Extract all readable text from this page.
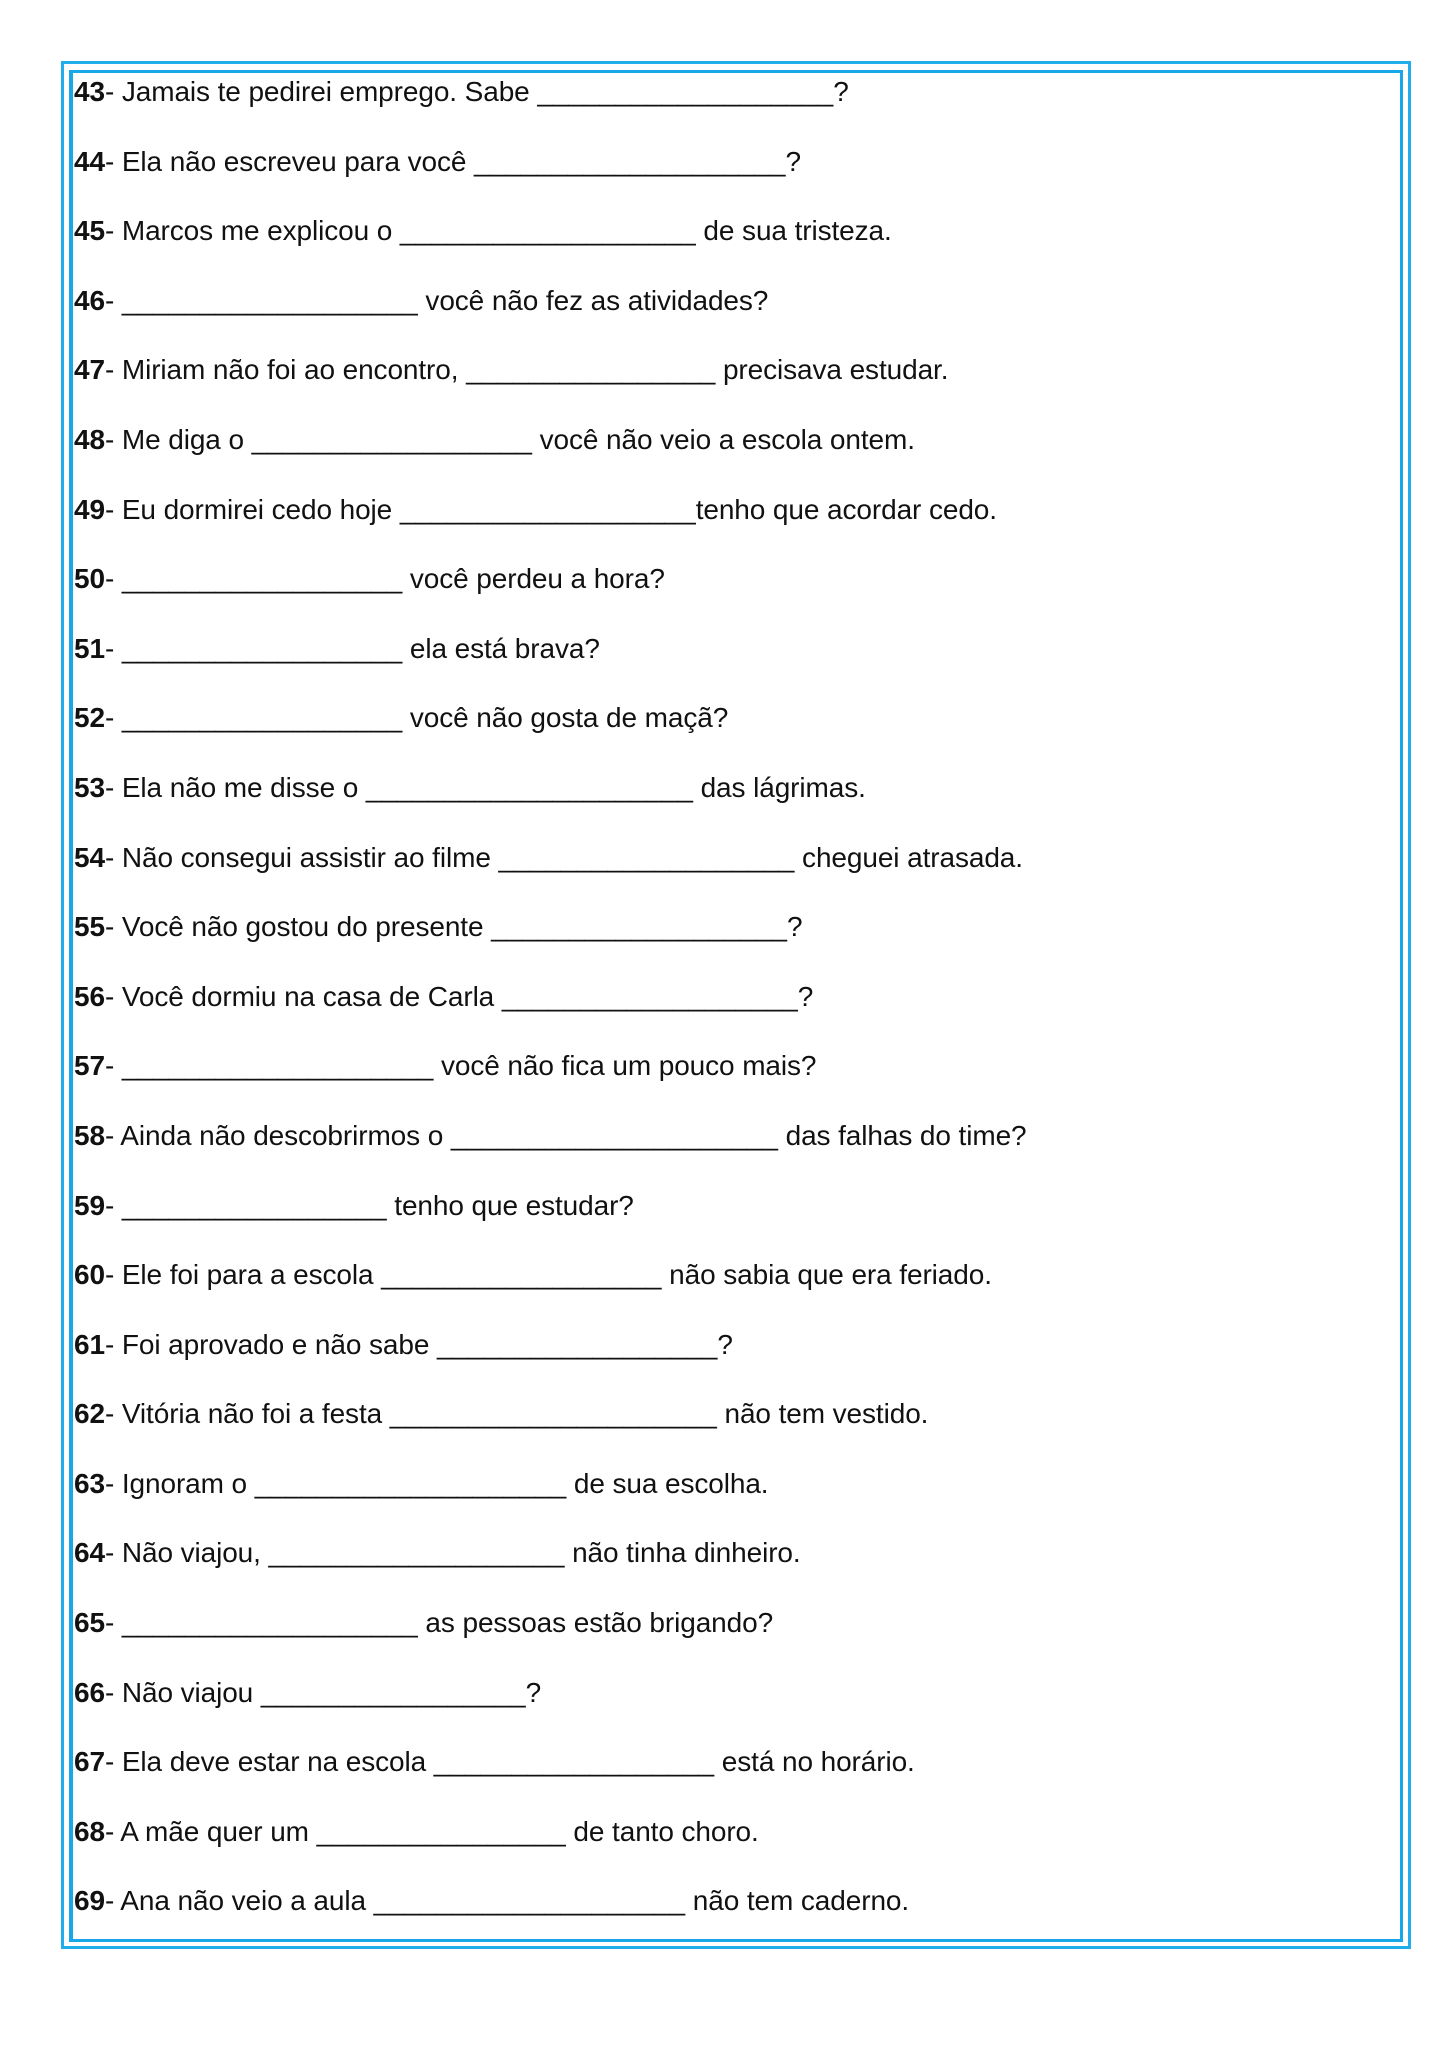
43- Jamais te pedirei emprego. Sabe ___________________?
44- Ela não escreveu para você ____________________?
45- Marcos me explicou o ___________________ de sua tristeza.
46- ___________________ você não fez as atividades?
47- Miriam não foi ao encontro, ________________ precisava estudar.
48- Me diga o __________________ você não veio a escola ontem.
49- Eu dormirei cedo hoje ___________________tenho que acordar cedo.
50- __________________ você perdeu a hora?
51- __________________ ela está brava?
52- __________________ você não gosta de maçã?
53- Ela não me disse o _____________________ das lágrimas.
54- Não consegui assistir ao filme ___________________ cheguei atrasada.
55- Você não gostou do presente ___________________?
56- Você dormiu na casa de Carla ___________________?
57- ____________________ você não fica um pouco mais?
58- Ainda não descobrirmos o _____________________ das falhas do time?
59- _________________ tenho que estudar?
60- Ele foi para a escola __________________ não sabia que era feriado.
61- Foi aprovado e não sabe __________________?
62- Vitória não foi a festa _____________________ não tem vestido.
63- Ignoram o ____________________ de sua escolha.
64- Não viajou, ___________________ não tinha dinheiro.
65- ___________________ as pessoas estão brigando?
66- Não viajou _________________?
67- Ela deve estar na escola __________________ está no horário.
68- A mãe quer um ________________ de tanto choro.
69- Ana não veio a aula ____________________ não tem caderno.
